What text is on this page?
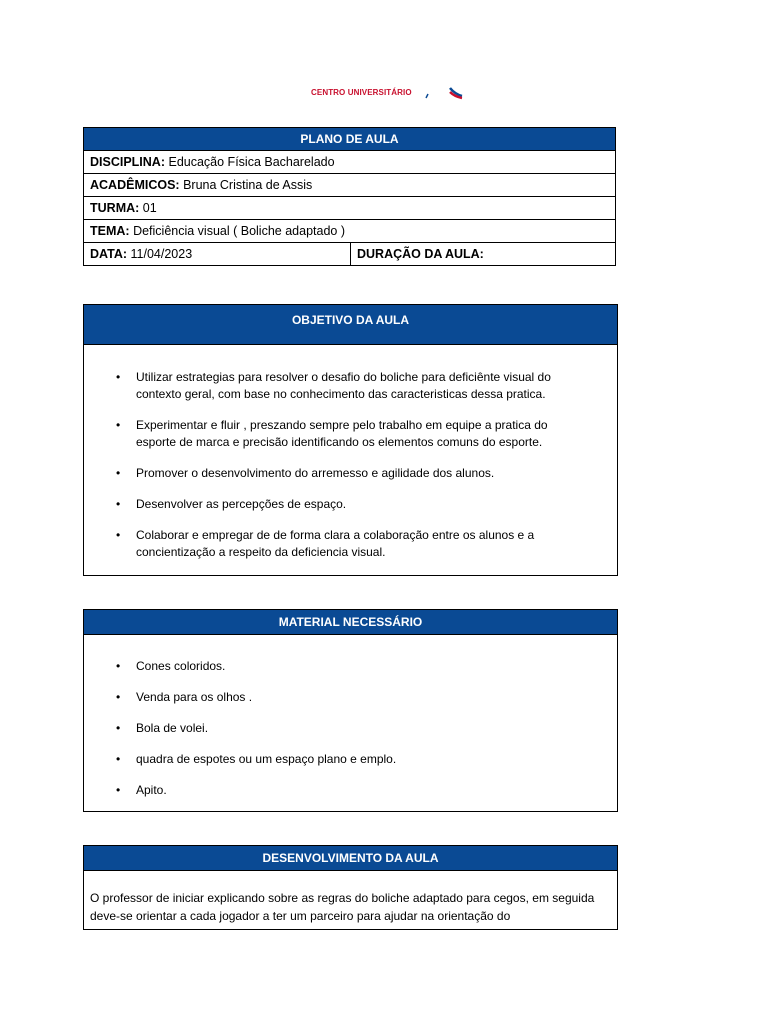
CENTRO UNIVERSITÁRIO
PLANO DE AULA
DISCIPLINA: Educação Física Bacharelado
ACADÊMICOS: Bruna Cristina de Assis
TURMA: 01
TEMA: Deficiência visual ( Boliche adaptado )
DATA: 11/04/2023	DURAÇÃO DA AULA:
OBJETIVO DA AULA
• Utilizar estrategias para resolver o desafio do boliche para deficiênte visual do contexto geral, com base no conhecimento das caracteristicas dessa pratica.
• Experimentar e fluir , preszando sempre pelo trabalho em equipe a pratica do esporte de marca e precisão identificando os elementos comuns do esporte.
• Promover o desenvolvimento do arremesso e agilidade dos alunos.
• Desenvolver as percepções de espaço.
• Colaborar e empregar de de forma clara a colaboração entre os alunos e a concientização a respeito da deficiencia visual.
MATERIAL NECESSÁRIO
• Cones coloridos.
• Venda para os olhos .
• Bola de volei.
• quadra de espotes ou um espaço plano e emplo.
• Apito.
DESENVOLVIMENTO DA AULA
O professor de iniciar explicando sobre as regras do boliche adaptado para cegos, em seguida deve-se orientar a cada jogador a ter um parceiro para ajudar na orientação do
